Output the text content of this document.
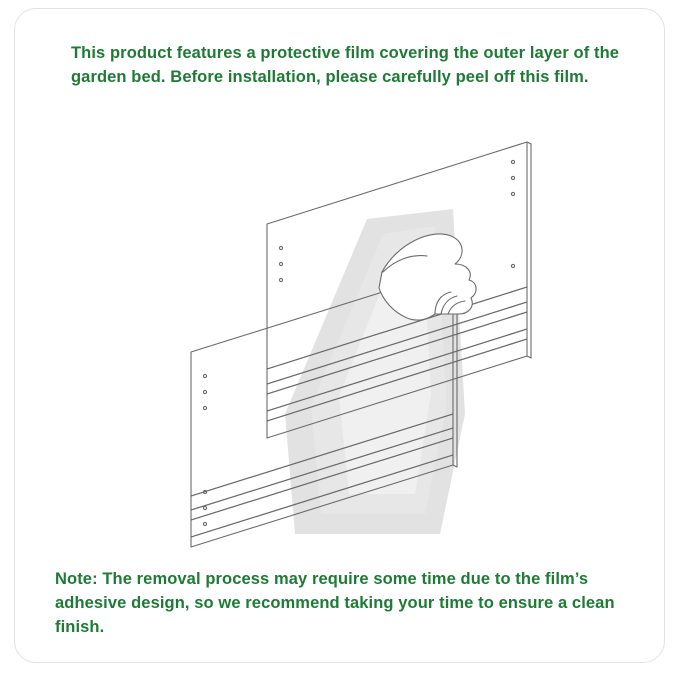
This product features a protective film covering the outer layer of the garden bed. Before installation, please carefully peel off this film.
Note: The removal process may require some time due to the film’s adhesive design, so we recommend taking your time to ensure a clean finish.
